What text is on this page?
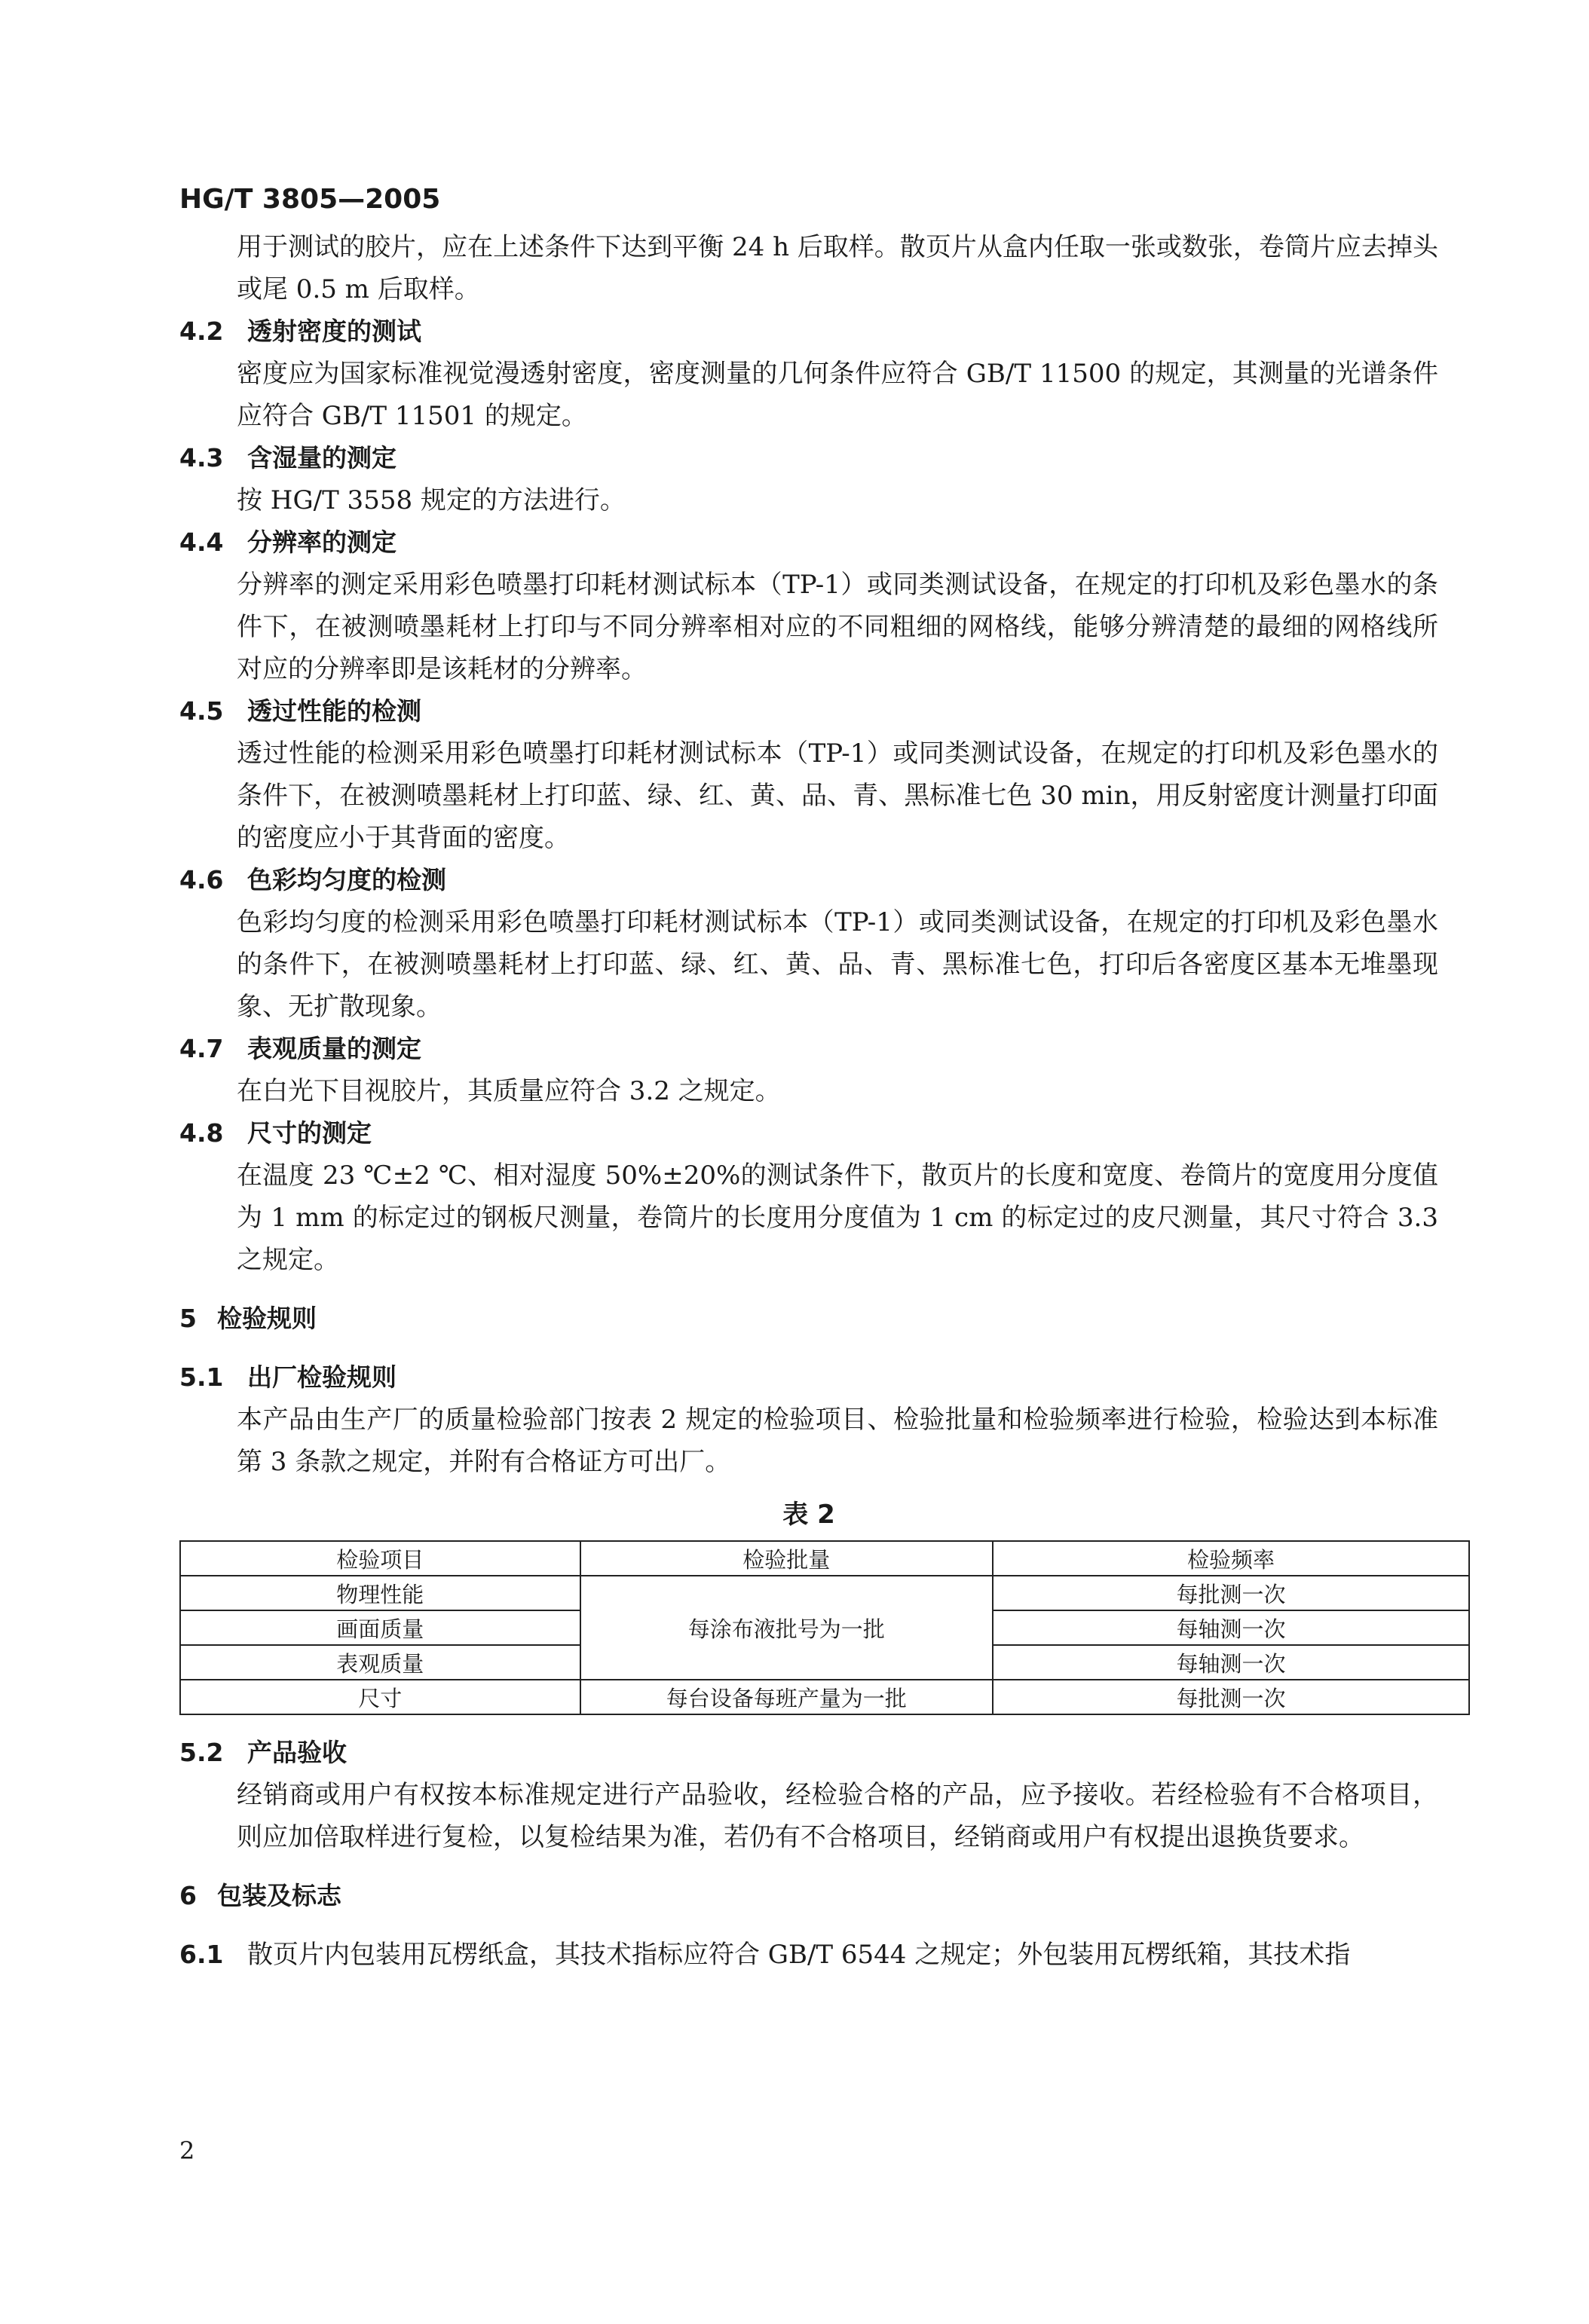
HG/T 3805—2005

用于测试的胶片，应在上述条件下达到平衡 24 h 后取样。散页片从盒内任取一张或数张，卷筒片应去掉头或尾 0.5 m 后取样。

4.2 透射密度的测试

密度应为国家标准视觉漫透射密度，密度测量的几何条件应符合 GB/T 11500 的规定，其测量的光谱条件应符合 GB/T 11501 的规定。

4.3 含湿量的测定

按 HG/T 3558 规定的方法进行。

4.4 分辨率的测定

分辨率的测定采用彩色喷墨打印耗材测试标本（TP-1）或同类测试设备，在规定的打印机及彩色墨水的条件下，在被测喷墨耗材上打印与不同分辨率相对应的不同粗细的网格线，能够分辨清楚的最细的网格线所对应的分辨率即是该耗材的分辨率。

4.5 透过性能的检测

透过性能的检测采用彩色喷墨打印耗材测试标本（TP-1）或同类测试设备，在规定的打印机及彩色墨水的条件下，在被测喷墨耗材上打印蓝、绿、红、黄、品、青、黑标准七色 30 min，用反射密度计测量打印面的密度应小于其背面的密度。

4.6 色彩均匀度的检测

色彩均匀度的检测采用彩色喷墨打印耗材测试标本（TP-1）或同类测试设备，在规定的打印机及彩色墨水的条件下，在被测喷墨耗材上打印蓝、绿、红、黄、品、青、黑标准七色，打印后各密度区基本无堆墨现象、无扩散现象。

4.7 表观质量的测定

在白光下目视胶片，其质量应符合 3.2 之规定。

4.8 尺寸的测定

在温度 23 ℃±2 ℃、相对湿度 50%±20%的测试条件下，散页片的长度和宽度、卷筒片的宽度用分度值为 1 mm 的标定过的钢板尺测量，卷筒片的长度用分度值为 1 cm 的标定过的皮尺测量，其尺寸符合 3.3 之规定。

5 检验规则
5.1 出厂检验规则

本产品由生产厂的质量检验部门按表 2 规定的检验项目、检验批量和检验频率进行检验，检验达到本标准第 3 条款之规定，并附有合格证方可出厂。

表 2
检验项目	检验批量	检验频率
物理性能	每涂布液批号为一批	每批测一次
画面质量		每轴测一次
表观质量		每轴测一次
尺寸	每台设备每班产量为一批	每批测一次
5.2 产品验收

经销商或用户有权按本标准规定进行产品验收，经检验合格的产品，应予接收。若经检验有不合格项目，则应加倍取样进行复检，以复检结果为准，若仍有不合格项目，经销商或用户有权提出退换货要求。

6 包装及标志
6.1 散页片内包装用瓦楞纸盒，其技术指标应符合 GB/T 6544 之规定；外包装用瓦楞纸箱，其技术指
2
